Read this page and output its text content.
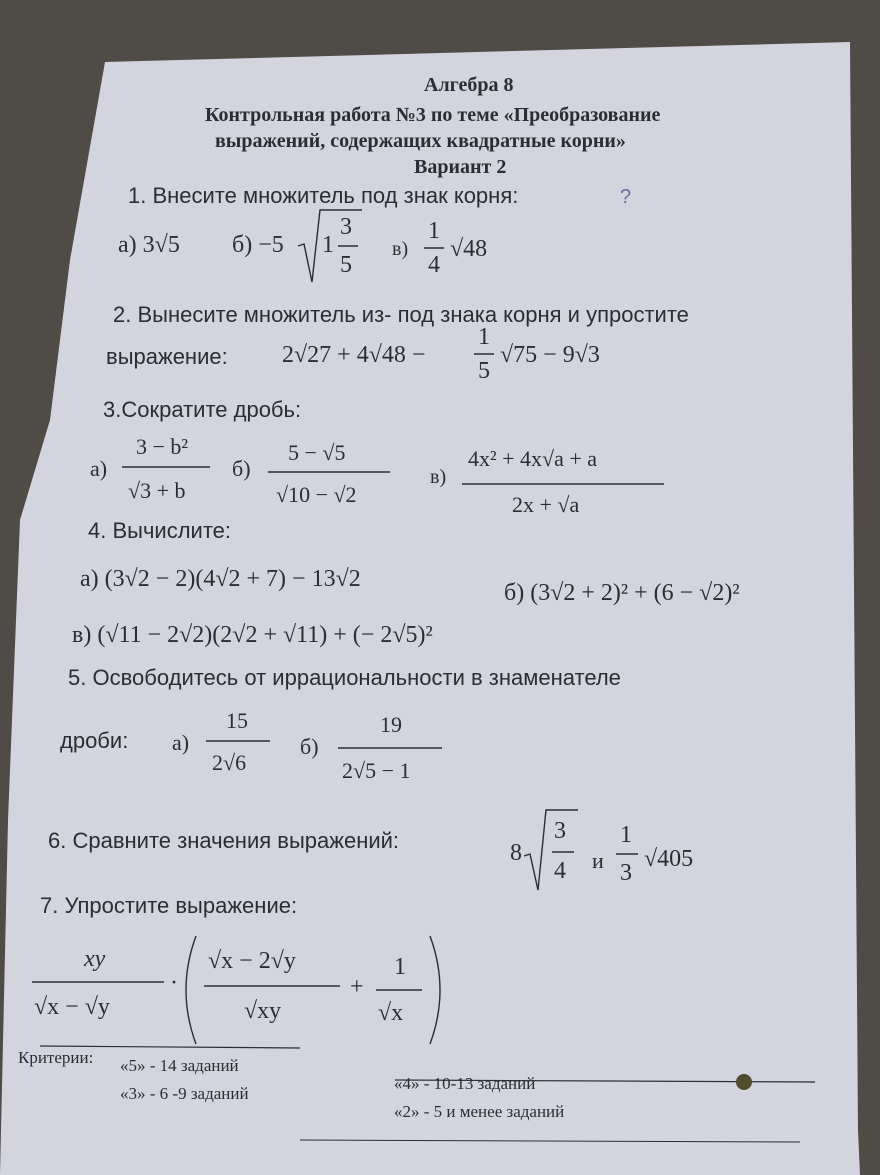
Алгебра 8
Контрольная работа №3 по теме «Преобразование
выражений, содержащих квадратные корни»
Вариант 2
1. Внесите множитель под знак корня:	?
а) 3√5 б) −5 1
3
5
в)
1
4
√48
2. Вынесите множитель из- под знака корня и упростите
выражение: 2√27 + 4√48 −
1
5
√75 − 9√3
3.Сократите дробь:
а)
3 − b²
√3 + b
б)
5 − √5
√10 − √2
в)
4x² + 4x√a + a
2x + √a
4. Вычислите:
а) (3√2 − 2)(4√2 + 7) − 13√2
б) (3√2 + 2)² + (6 − √2)²
в) (√11 − 2√2)(2√2 + √11) + (− 2√5)²
5. Освободитесь от иррациональности в знаменателе
дроби: а)
15
2√6
б)
19
2√5 − 1
6. Сравните значения выражений:	8
3
4 и
1
3
√405
7. Упростите выражение:
xy
√x − √y
·
√x − 2√y
√xy
+
1
√x
Критерии: «5» - 14 заданий
«4» - 10-13 заданий
«3» - 6 -9 заданий
«2» - 5 и менее заданий
